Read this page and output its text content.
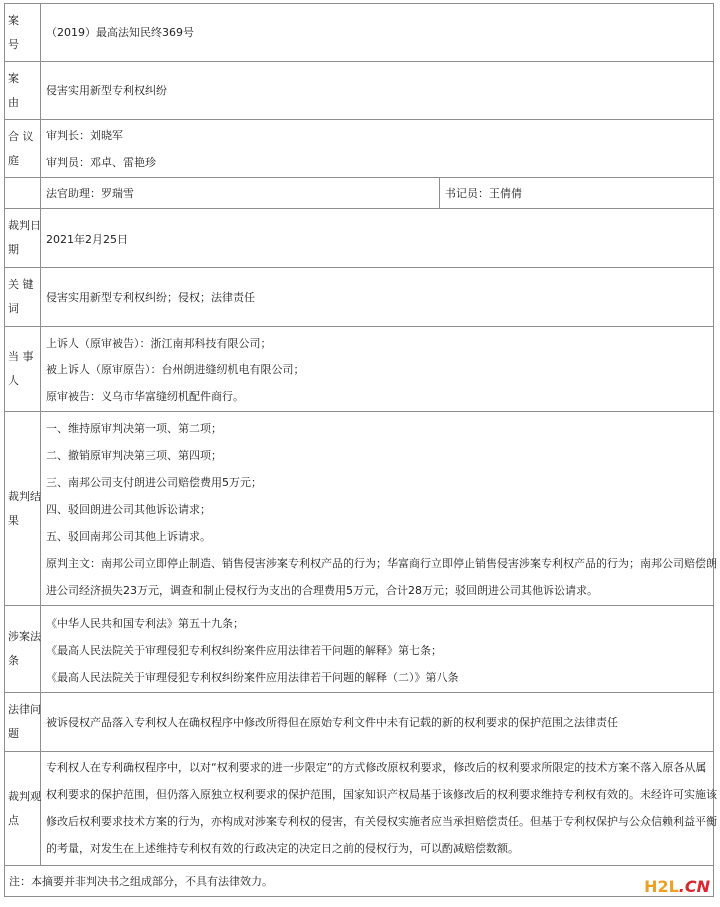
案
号
（2019）最高法知民终369号
案
由
侵害实用新型专利权纠纷
合 议
庭
审判长：刘晓军
审判员：邓卓、雷艳珍
法官助理：罗瑞雪	书记员：王倩倩
裁判日
期
2021年2月25日
关 键
词
侵害实用新型专利权纠纷；侵权；法律责任
当 事
人
上诉人（原审被告）：浙江南邦科技有限公司；
被上诉人（原审原告）：台州朗进缝纫机电有限公司；
原审被告：义乌市华富缝纫机配件商行。
裁判结
果
一、维持原审判决第一项、第二项；
二、撤销原审判决第三项、第四项；
三、南邦公司支付朗进公司赔偿费用5万元；
四、驳回朗进公司其他诉讼请求；
五、驳回南邦公司其他上诉请求。
原判主文：南邦公司立即停止制造、销售侵害涉案专利权产品的行为；华富商行立即停止销售侵害涉案专利权产品的行为；南邦公司赔偿朗
进公司经济损失23万元，调查和制止侵权行为支出的合理费用5万元，合计28万元；驳回朗进公司其他诉讼请求。
涉案法
条
《中华人民共和国专利法》第五十九条；
《最高人民法院关于审理侵犯专利权纠纷案件应用法律若干问题的解释》第七条；
《最高人民法院关于审理侵犯专利权纠纷案件应用法律若干问题的解释（二）》第八条
法律问
题
被诉侵权产品落入专利权人在确权程序中修改所得但在原始专利文件中未有记载的新的权利要求的保护范围之法律责任
裁判观
点
专利权人在专利确权程序中，以对“权利要求的进一步限定”的方式修改原权利要求，修改后的权利要求所限定的技术方案不落入原各从属
权利要求的保护范围，但仍落入原独立权利要求的保护范围，国家知识产权局基于该修改后的权利要求维持专利权有效的。未经许可实施该
修改后权利要求技术方案的行为，亦构成对涉案专利权的侵害，有关侵权实施者应当承担赔偿责任。但基于专利权保护与公众信赖利益平衡
的考量，对发生在上述维持专利权有效的行政决定的决定日之前的侵权行为，可以酌减赔偿数额。
注：本摘要并非判决书之组成部分，不具有法律效力。	H2L.CN
